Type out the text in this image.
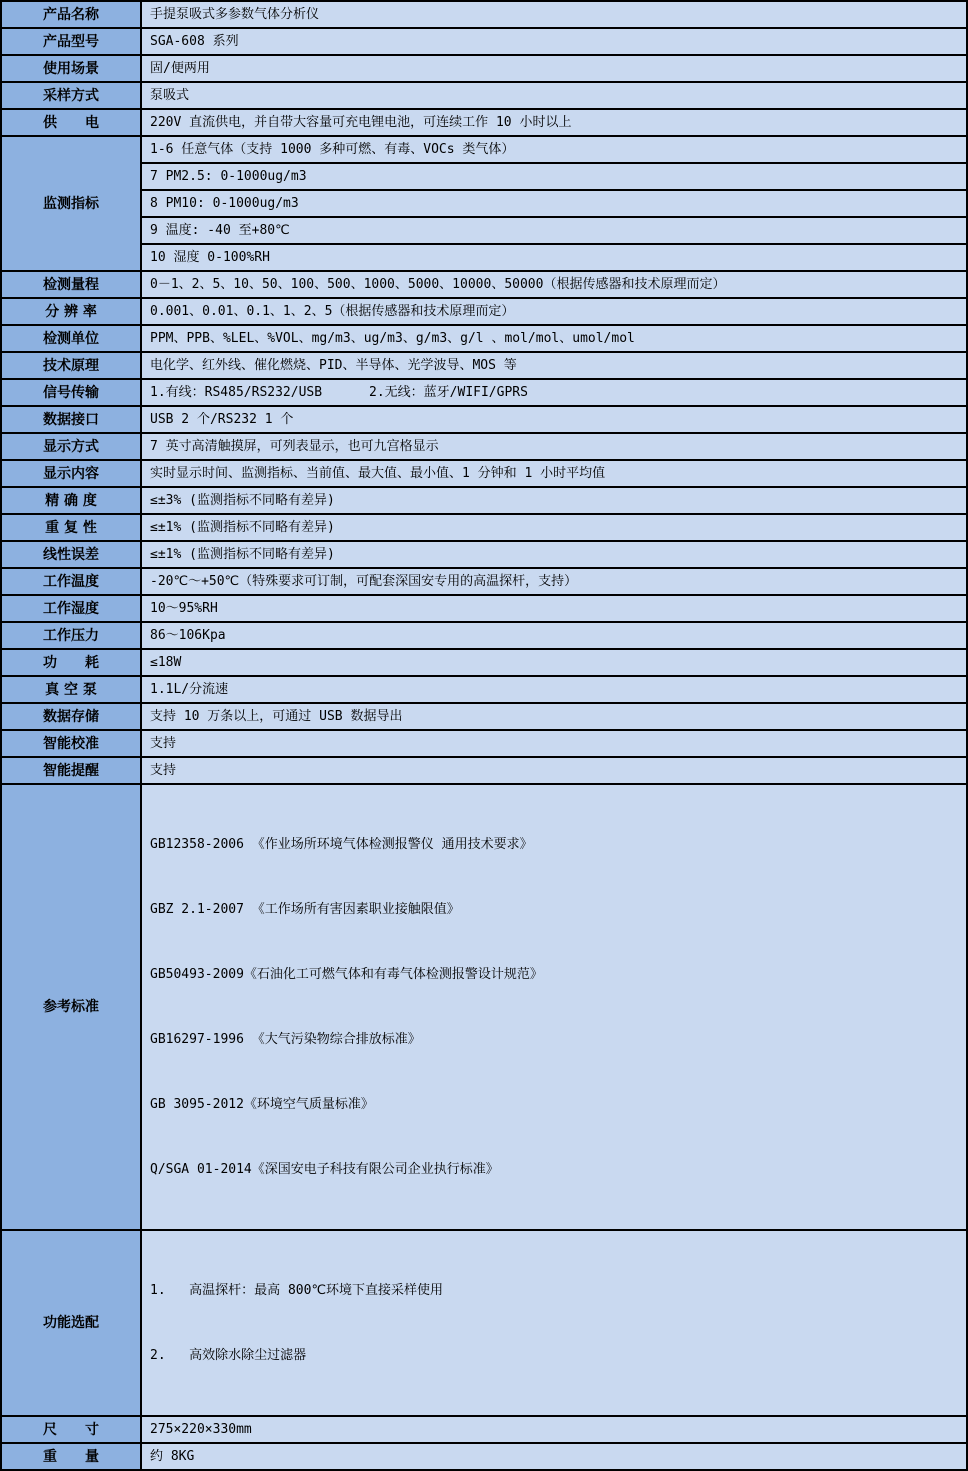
产品名称	手提泵吸式多参数气体分析仪
产品型号	SGA-608 系列
使用场景	固/便两用
采样方式	泵吸式
供　　电	220V 直流供电，并自带大容量可充电锂电池，可连续工作 10 小时以上
监测指标	1-6 任意气体（支持 1000 多种可燃、有毒、VOCs 类气体）
	7 PM2.5: 0-1000ug/m3
	8 PM10: 0-1000ug/m3
	9 温度: -40 至+80℃
	10 湿度 0-100%RH
检测量程	0－1、2、5、10、50、100、500、1000、5000、10000、50000（根据传感器和技术原理而定）
分 辨 率	0.001、0.01、0.1、1、2、5（根据传感器和技术原理而定）
检测单位	PPM、PPB、%LEL、%VOL、mg/m3、ug/m3、g/m3、g/l 、mol/mol、umol/mol
技术原理	电化学、红外线、催化燃烧、PID、半导体、光学波导、MOS 等
信号传输	1.有线：RS485/RS232/USB      2.无线：蓝牙/WIFI/GPRS
数据接口	USB 2 个/RS232 1 个
显示方式	7 英寸高清触摸屏，可列表显示，也可九宫格显示
显示内容	实时显示时间、监测指标、当前值、最大值、最小值、1 分钟和 1 小时平均值
精 确 度	≤±3% (监测指标不同略有差异)
重 复 性	≤±1% (监测指标不同略有差异)
线性误差	≤±1% (监测指标不同略有差异)
工作温度	-20℃～+50℃（特殊要求可订制，可配套深国安专用的高温探杆，支持）
工作湿度	10～95%RH
工作压力	86～106Kpa
功　　耗	≤18W
真 空 泵	1.1L/分流速
数据存储	支持 10 万条以上，可通过 USB 数据导出
智能校准	支持
智能提醒	支持
参考标准	

GB12358-2006 《作业场所环境气体检测报警仪 通用技术要求》

GBZ 2.1-2007 《工作场所有害因素职业接触限值》

GB50493-2009《石油化工可燃气体和有毒气体检测报警设计规范》

GB16297-1996 《大气污染物综合排放标准》

GB 3095-2012《环境空气质量标准》

Q/SGA 01-2014《深国安电子科技有限公司企业执行标准》

功能选配	1.   高温探杆：最高 800℃环境下直接采样使用

2.   高效除水除尘过滤器

尺　　寸	275×220×330mm
重　　量	约 8KG
